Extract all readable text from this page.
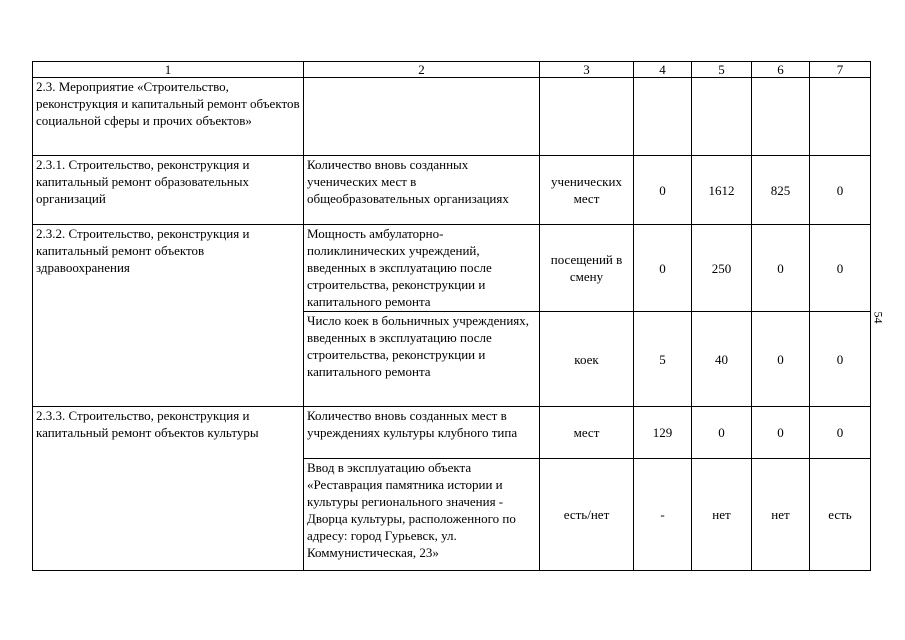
1	2	3	4	5	6	7
2.3. Мероприятие «Строительство, реконструкция и капитальный ремонт объектов социальной сферы и прочих объектов»						
2.3.1. Строительство, реконструкция и капитальный ремонт образовательных организаций	Количество вновь созданных ученических мест в общеобразовательных организациях	ученических мест	0	1612	825	0
2.3.2. Строительство, реконструкция и капитальный ремонт объектов здравоохранения	Мощность амбулаторно-поликлинических учреждений, введенных в эксплуатацию после строительства, реконструкции и капитального ремонта	посещений в смену	0	250	0	0
	Число коек в больничных учреждениях, введенных в эксплуатацию после строительства, реконструкции и капитального ремонта	коек	5	40	0	0
2.3.3. Строительство, реконструкция и капитальный ремонт объектов культуры	Количество вновь созданных мест в учреждениях культуры клубного типа	мест	129	0	0	0
	Ввод в эксплуатацию объекта «Реставрация памятника истории и культуры регионального значения - Дворца культуры, расположенного по адресу: город Гурьевск, ул. Коммунистическая, 23»	есть/нет	-	нет	нет	есть
54
